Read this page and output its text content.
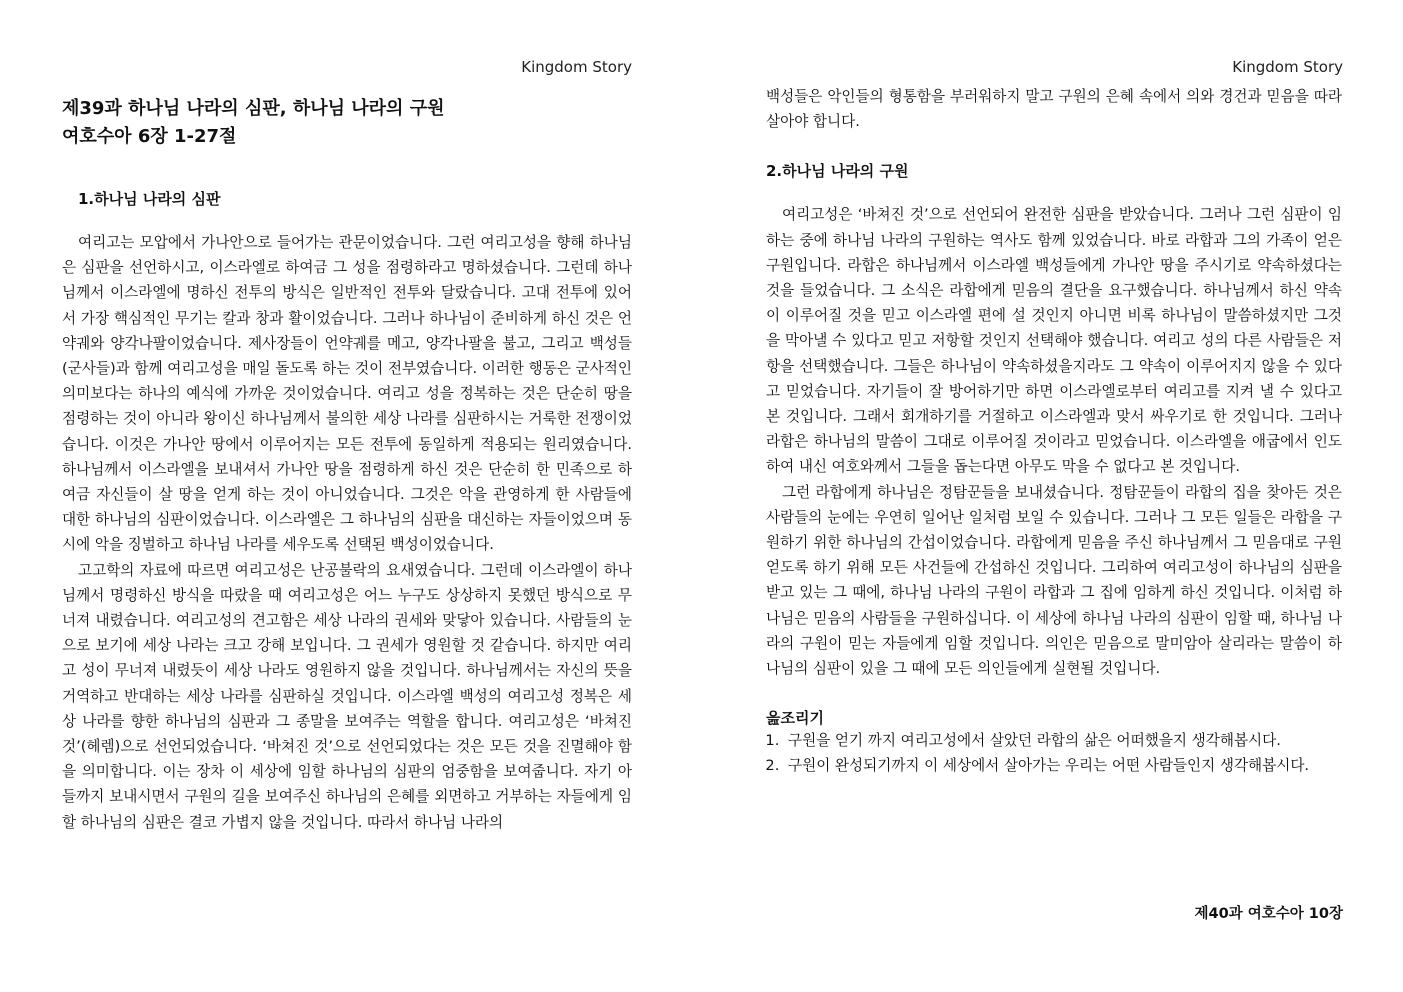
Kingdom Story
제39과 하나님 나라의 심판, 하나님 나라의 구원
여호수아 6장 1-27절
1.하나님 나라의 심판

여리고는 모압에서 가나안으로 들어가는 관문이었습니다. 그런 여리고성을 향해 하나님은 심판을 선언하시고, 이스라엘로 하여금 그 성을 점령하라고 명하셨습니다. 그런데 하나님께서 이스라엘에 명하신 전투의 방식은 일반적인 전투와 달랐습니다. 고대 전투에 있어서 가장 핵심적인 무기는 칼과 창과 활이었습니다. 그러나 하나님이 준비하게 하신 것은 언약궤와 양각나팔이었습니다. 제사장들이 언약궤를 메고, 양각나팔을 불고, 그리고 백성들(군사들)과 함께 여리고성을 매일 돌도록 하는 것이 전부였습니다. 이러한 행동은 군사적인 의미보다는 하나의 예식에 가까운 것이었습니다. 여리고 성을 정복하는 것은 단순히 땅을 점령하는 것이 아니라 왕이신 하나님께서 불의한 세상 나라를 심판하시는 거룩한 전쟁이었습니다. 이것은 가나안 땅에서 이루어지는 모든 전투에 동일하게 적용되는 원리였습니다. 하나님께서 이스라엘을 보내셔서 가나안 땅을 점령하게 하신 것은 단순히 한 민족으로 하여금 자신들이 살 땅을 얻게 하는 것이 아니었습니다. 그것은 악을 관영하게 한 사람들에 대한 하나님의 심판이었습니다. 이스라엘은 그 하나님의 심판을 대신하는 자들이었으며 동시에 악을 징벌하고 하나님 나라를 세우도록 선택된 백성이었습니다.

고고학의 자료에 따르면 여리고성은 난공불락의 요새였습니다. 그런데 이스라엘이 하나님께서 명령하신 방식을 따랐을 때 여리고성은 어느 누구도 상상하지 못했던 방식으로 무너져 내렸습니다. 여리고성의 견고함은 세상 나라의 권세와 맞닿아 있습니다. 사람들의 눈으로 보기에 세상 나라는 크고 강해 보입니다. 그 권세가 영원할 것 같습니다. 하지만 여리고 성이 무너져 내렸듯이 세상 나라도 영원하지 않을 것입니다. 하나님께서는 자신의 뜻을 거역하고 반대하는 세상 나라를 심판하실 것입니다. 이스라엘 백성의 여리고성 정복은 세상 나라를 향한 하나님의 심판과 그 종말을 보여주는 역할을 합니다. 여리고성은 ‘바쳐진 것’(헤렘)으로 선언되었습니다. ‘바쳐진 것’으로 선언되었다는 것은 모든 것을 진멸해야 함을 의미합니다. 이는 장차 이 세상에 임할 하나님의 심판의 엄중함을 보여줍니다. 자기 아들까지 보내시면서 구원의 길을 보여주신 하나님의 은혜를 외면하고 거부하는 자들에게 임할 하나님의 심판은 결코 가볍지 않을 것입니다. 따라서 하나님 나라의

Kingdom Story

백성들은 악인들의 형통함을 부러워하지 말고 구원의 은혜 속에서 의와 경건과 믿음을 따라 살아야 합니다.

2.하나님 나라의 구원

여리고성은 ‘바쳐진 것’으로 선언되어 완전한 심판을 받았습니다. 그러나 그런 심판이 임하는 중에 하나님 나라의 구원하는 역사도 함께 있었습니다. 바로 라합과 그의 가족이 얻은 구원입니다. 라합은 하나님께서 이스라엘 백성들에게 가나안 땅을 주시기로 약속하셨다는 것을 들었습니다. 그 소식은 라합에게 믿음의 결단을 요구했습니다. 하나님께서 하신 약속이 이루어질 것을 믿고 이스라엘 편에 설 것인지 아니면 비록 하나님이 말씀하셨지만 그것을 막아낼 수 있다고 믿고 저항할 것인지 선택해야 했습니다. 여리고 성의 다른 사람들은 저항을 선택했습니다. 그들은 하나님이 약속하셨을지라도 그 약속이 이루어지지 않을 수 있다고 믿었습니다. 자기들이 잘 방어하기만 하면 이스라엘로부터 여리고를 지켜 낼 수 있다고 본 것입니다. 그래서 회개하기를 거절하고 이스라엘과 맞서 싸우기로 한 것입니다. 그러나 라합은 하나님의 말씀이 그대로 이루어질 것이라고 믿었습니다. 이스라엘을 애굽에서 인도하여 내신 여호와께서 그들을 돕는다면 아무도 막을 수 없다고 본 것입니다.

그런 라합에게 하나님은 정탐꾼들을 보내셨습니다. 정탐꾼들이 라합의 집을 찾아든 것은 사람들의 눈에는 우연히 일어난 일처럼 보일 수 있습니다. 그러나 그 모든 일들은 라합을 구원하기 위한 하나님의 간섭이었습니다. 라합에게 믿음을 주신 하나님께서 그 믿음대로 구원 얻도록 하기 위해 모든 사건들에 간섭하신 것입니다. 그리하여 여리고성이 하나님의 심판을 받고 있는 그 때에, 하나님 나라의 구원이 라합과 그 집에 임하게 하신 것입니다. 이처럼 하나님은 믿음의 사람들을 구원하십니다. 이 세상에 하나님 나라의 심판이 임할 때, 하나님 나라의 구원이 믿는 자들에게 임할 것입니다. 의인은 믿음으로 말미암아 살리라는 말씀이 하나님의 심판이 있을 그 때에 모든 의인들에게 실현될 것입니다.

읊조리기
1. 구원을 얻기 까지 여리고성에서 살았던 라합의 삶은 어떠했을지 생각해봅시다.
2. 구원이 완성되기까지 이 세상에서 살아가는 우리는 어떤 사람들인지 생각해봅시다.
제40과 여호수아 10장
